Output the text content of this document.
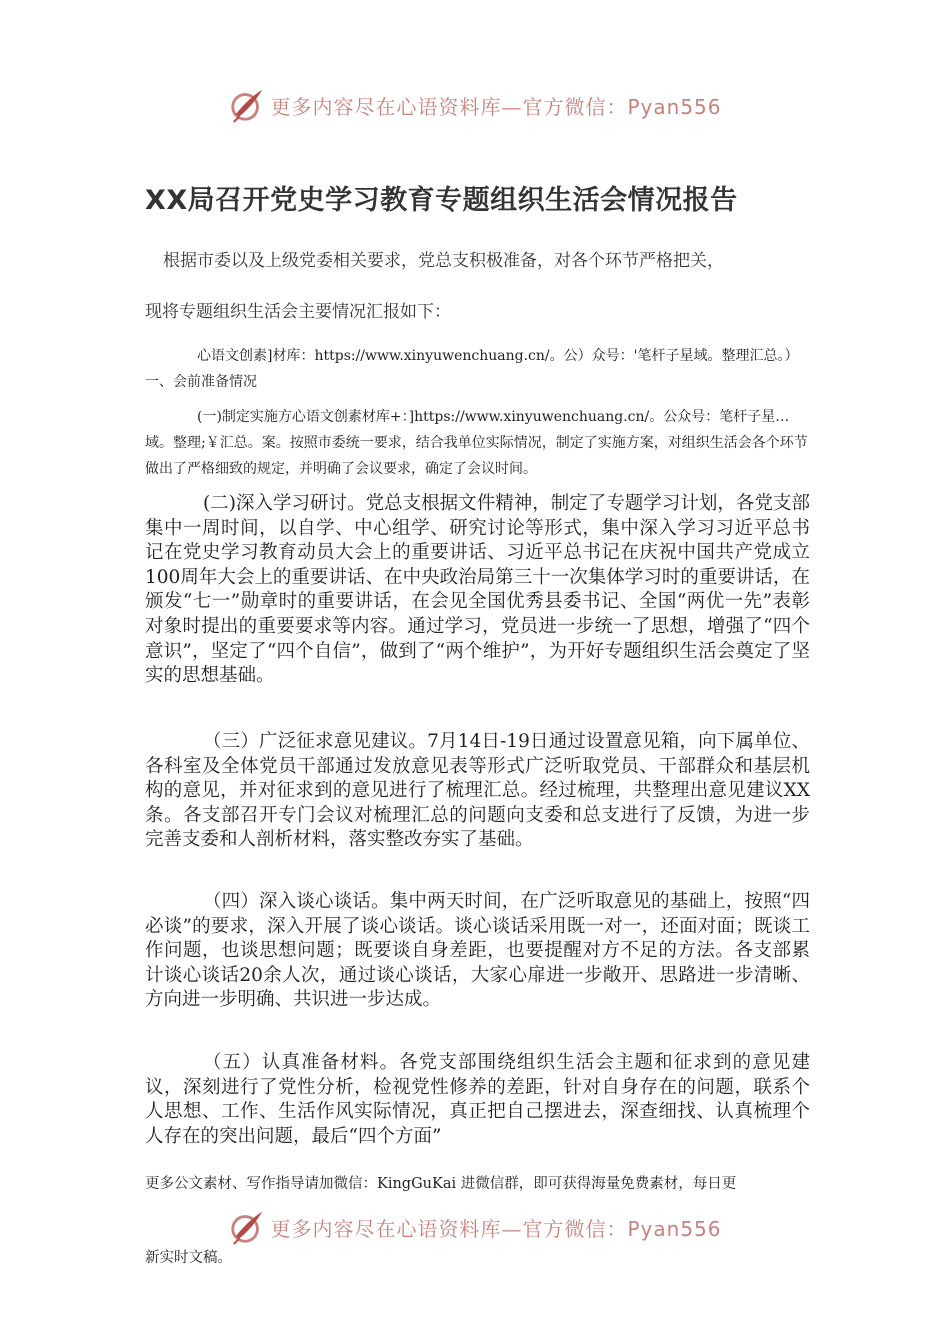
更多内容尽在心语资料库—官方微信：Pyan556
XX局召开党史学习教育专题组织生活会情况报告
根据市委以及上级党委相关要求，党总支积极准备，对各个环节严格把关，
现将专题组织生活会主要情况汇报如下：
心语文创素]材库：https://www.xinyuwenchuang.cn/。公）众号：'笔杆子星域。整理汇总。）一、会前准备情况
(一)制定实施方心语文创素材库+：]https://www.xinyuwenchuang.cn/。公众号：笔杆子星…域。整理;￥汇总。案。按照市委统一要求，结合我单位实际情况，制定了实施方案，对组织生活会各个环节做出了严格细致的规定，并明确了会议要求，确定了会议时间。
(二)深入学习研讨。党总支根据文件精神，制定了专题学习计划，各党支部集中一周时间，以自学、中心组学、研究讨论等形式，集中深入学习习近平总书记在党史学习教育动员大会上的重要讲话、习近平总书记在庆祝中国共产党成立100周年大会上的重要讲话、在中央政治局第三十一次集体学习时的重要讲话，在颁发“七一”勋章时的重要讲话，在会见全国优秀县委书记、全国“两优一先”表彰对象时提出的重要要求等内容。通过学习，党员进一步统一了思想，增强了“四个意识”，坚定了“四个自信”，做到了“两个维护”，为开好专题组织生活会奠定了坚实的思想基础。
（三）广泛征求意见建议。7月14日-19日通过设置意见箱，向下属单位、各科室及全体党员干部通过发放意见表等形式广泛听取党员、干部群众和基层机构的意见，并对征求到的意见进行了梳理汇总。经过梳理，共整理出意见建议XX条。各支部召开专门会议对梳理汇总的问题向支委和总支进行了反馈，为进一步完善支委和人剖析材料，落实整改夯实了基础。
（四）深入谈心谈话。集中两天时间，在广泛听取意见的基础上，按照“四必谈”的要求，深入开展了谈心谈话。谈心谈话采用既一对一，还面对面；既谈工作问题，也谈思想问题；既要谈自身差距，也要提醒对方不足的方法。各支部累计谈心谈话20余人次，通过谈心谈话，大家心扉进一步敞开、思路进一步清晰、方向进一步明确、共识进一步达成。
（五）认真准备材料。各党支部围绕组织生活会主题和征求到的意见建议，深刻进行了党性分析，检视党性修养的差距，针对自身存在的问题，联系个人思想、工作、生活作风实际情况，真正把自己摆进去，深查细找、认真梳理个人存在的突出问题，最后“四个方面”
更多公文素材、写作指导请加微信：KingGuKai 进微信群，即可获得海量免费素材，每日更
更多内容尽在心语资料库—官方微信：Pyan556
新实时文稿。
